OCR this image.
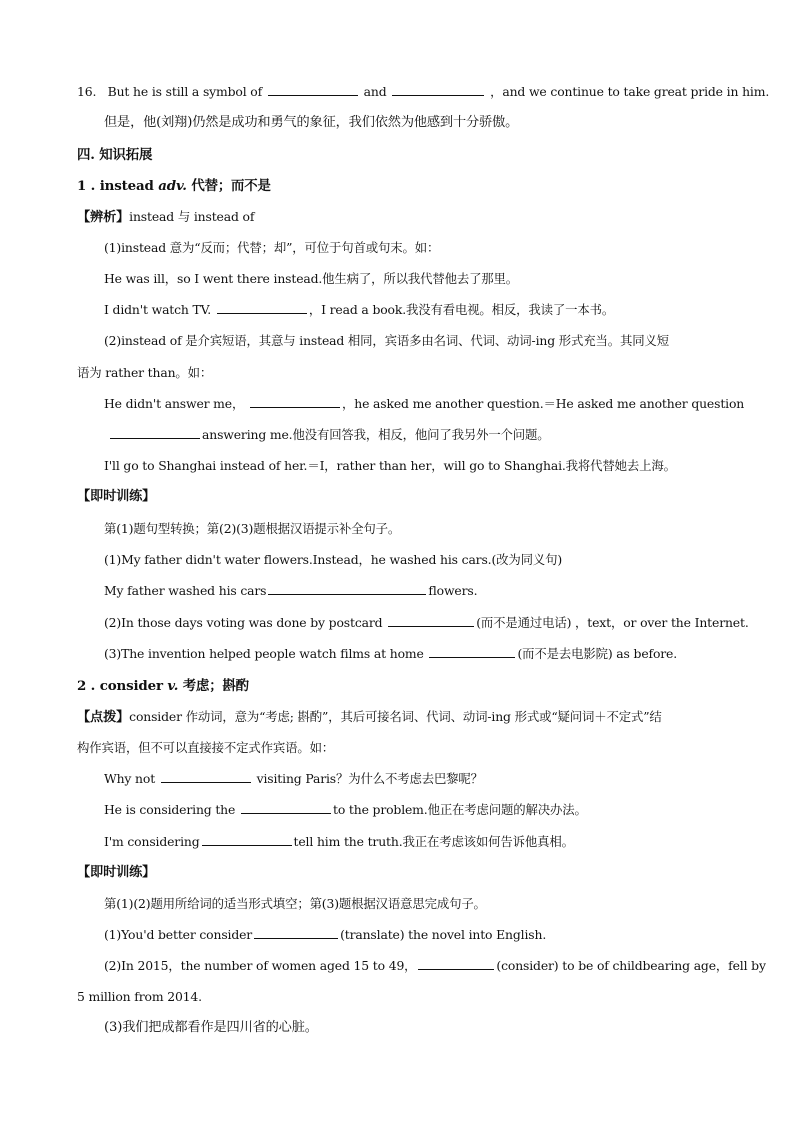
16. But he is still a symbol of	and	，and we continue to take great pride in him.
但是，他(刘翔)仍然是成功和勇气的象征，我们依然为他感到十分骄傲。
四. 知识拓展
1 . instead adv. 代替；而不是
【辨析】instead 与 instead of
(1)instead 意为“反而；代替；却”，可位于句首或句末。如：
He was ill，so I went there instead.他生病了，所以我代替他去了那里。
I didn't watch TV.	，I read a book.我没有看电视。相反，我读了一本书。
(2)instead of 是介宾短语，其意与 instead 相同，宾语多由名词、代词、动词-ing 形式充当。其同义短
语为 rather than。如：
He didn't answer me，	，he asked me another question.＝He asked me another question
answering me.他没有回答我，相反，他问了我另外一个问题。
I'll go to Shanghai instead of her.＝I，rather than her，will go to Shanghai.我将代替她去上海。
【即时训练】
第(1)题句型转换；第(2)(3)题根据汉语提示补全句子。
(1)My father didn't water flowers.Instead，he washed his cars.(改为同义句)
My father washed his cars	flowers.
(2)In those days voting was done by postcard	(而不是通过电话) ，text，or over the Internet.
(3)The invention helped people watch films at home	(而不是去电影院) as before.
2 . consider v. 考虑；斟酌
【点拨】consider 作动词，意为“考虑; 斟酌”，其后可接名词、代词、动词-ing 形式或“疑问词＋不定式”结
构作宾语，但不可以直接接不定式作宾语。如：
Why not	visiting Paris？为什么不考虑去巴黎呢？
He is considering the	to the problem.他正在考虑问题的解决办法。
I'm considering	tell him the truth.我正在考虑该如何告诉他真相。
【即时训练】
第(1)(2)题用所给词的适当形式填空；第(3)题根据汉语意思完成句子。
(1)You'd better consider	(translate) the novel into English.
(2)In 2015，the number of women aged 15 to 49，	(consider) to be of childbearing age，fell by
5 million from 2014.
(3)我们把成都看作是四川省的心脏。
